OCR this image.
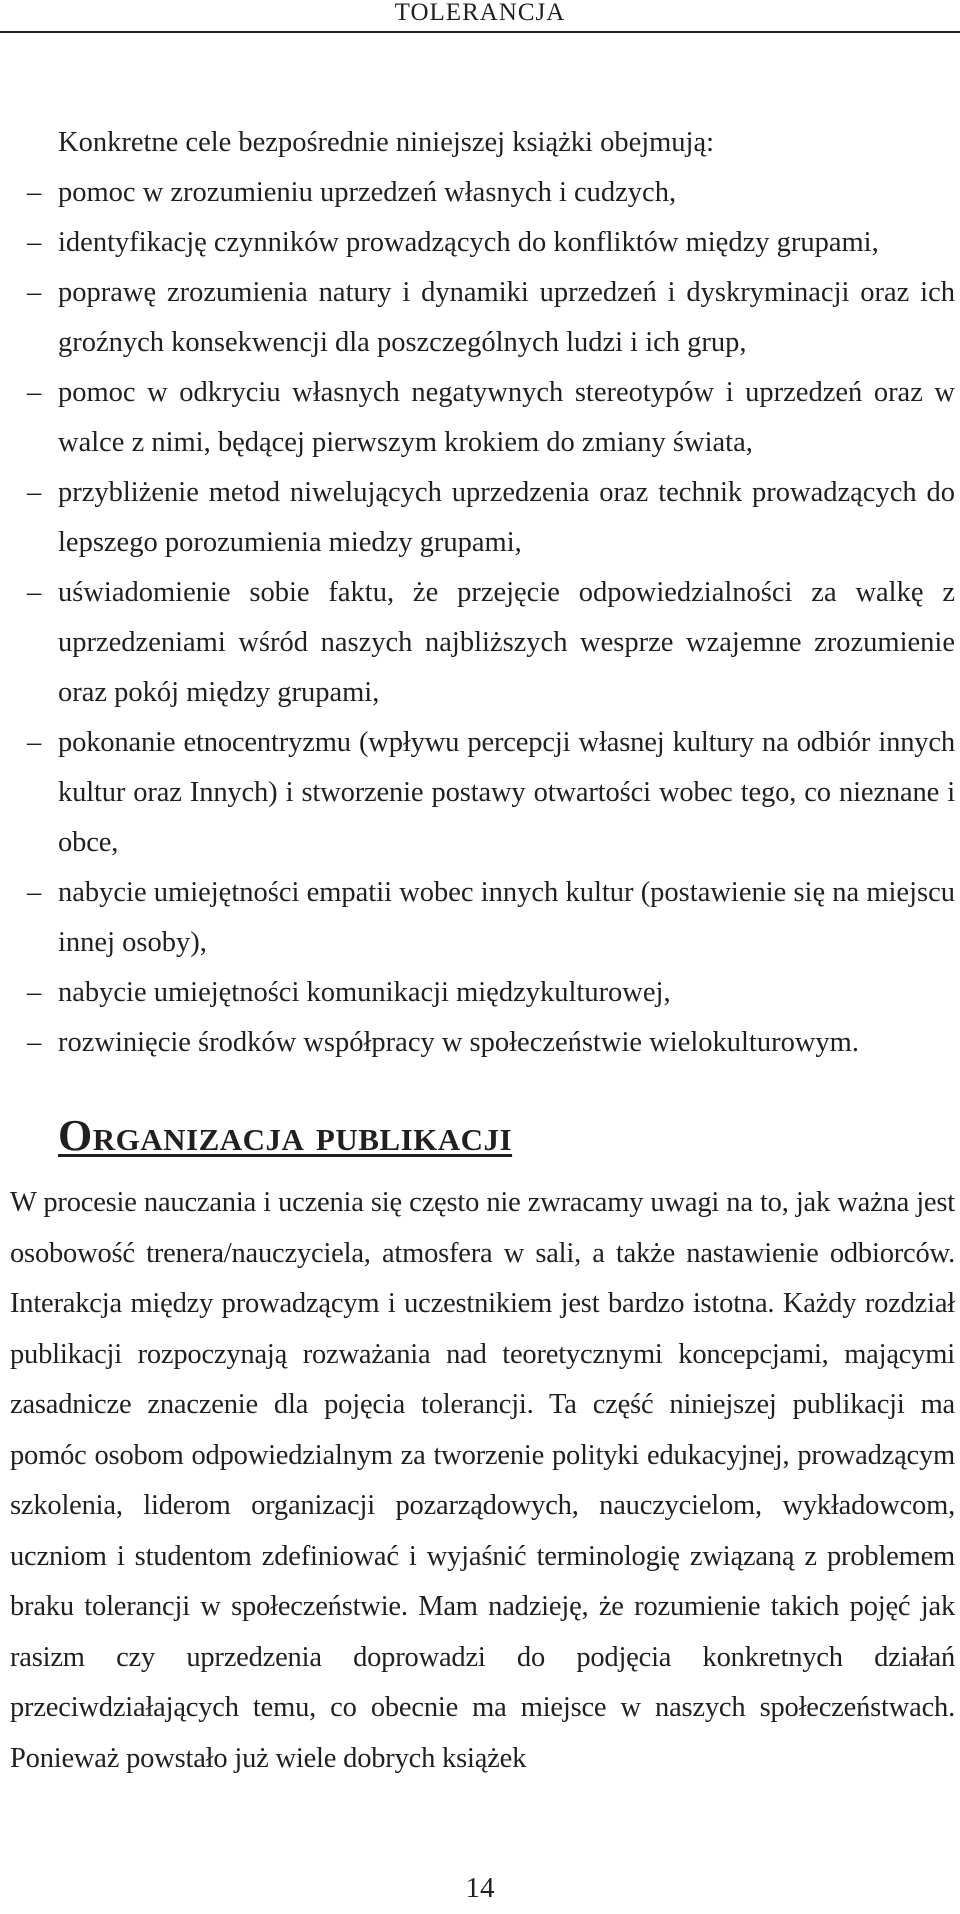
TOLERANCJA

Konkretne cele bezpośrednie niniejszej książki obejmują:

– pomoc w zrozumieniu uprzedzeń własnych i cudzych,
– identyfikację czynników prowadzących do konfliktów między grupami,
– poprawę zrozumienia natury i dynamiki uprzedzeń i dyskryminacji oraz ich groźnych konsekwencji dla poszczególnych ludzi i ich grup,
– pomoc w odkryciu własnych negatywnych stereotypów i uprzedzeń oraz w walce z nimi, będącej pierwszym krokiem do zmiany świata,
– przybliżenie metod niwelujących uprzedzenia oraz technik prowadzących do lepszego porozumienia miedzy grupami,
– uświadomienie sobie faktu, że przejęcie odpowiedzialności za walkę z uprzedzeniami wśród naszych najbliższych wesprze wzajemne zrozumienie oraz pokój między grupami,
– pokonanie etnocentryzmu (wpływu percepcji własnej kultury na odbiór innych kultur oraz Innych) i stworzenie postawy otwartości wobec tego, co nieznane i obce,
– nabycie umiejętności empatii wobec innych kultur (postawienie się na miejscu innej osoby),
– nabycie umiejętności komunikacji międzykulturowej,
– rozwinięcie środków współpracy w społeczeństwie wielokulturowym.
Organizacja publikacji

W procesie nauczania i uczenia się często nie zwracamy uwagi na to, jak ważna jest osobowość trenera/nauczyciela, atmosfera w sali, a także nastawienie odbiorców. Interakcja między prowadzącym i uczestnikiem jest bardzo istotna. Każdy rozdział publikacji rozpoczynają rozważania nad teoretycznymi koncepcjami, mającymi zasadnicze znaczenie dla pojęcia tolerancji. Ta część niniejszej publikacji ma pomóc osobom odpowiedzialnym za tworzenie polityki edukacyjnej, prowadzącym szkolenia, liderom organizacji pozarządowych, nauczycielom, wykładowcom, uczniom i studentom zdefiniować i wyjaśnić terminologię związaną z problemem braku tolerancji w społeczeństwie. Mam nadzieję, że rozumienie takich pojęć jak rasizm czy uprzedzenia doprowadzi do podjęcia konkretnych działań przeciwdziałających temu, co obecnie ma miejsce w naszych społeczeństwach. Ponieważ powstało już wiele dobrych książek

14
